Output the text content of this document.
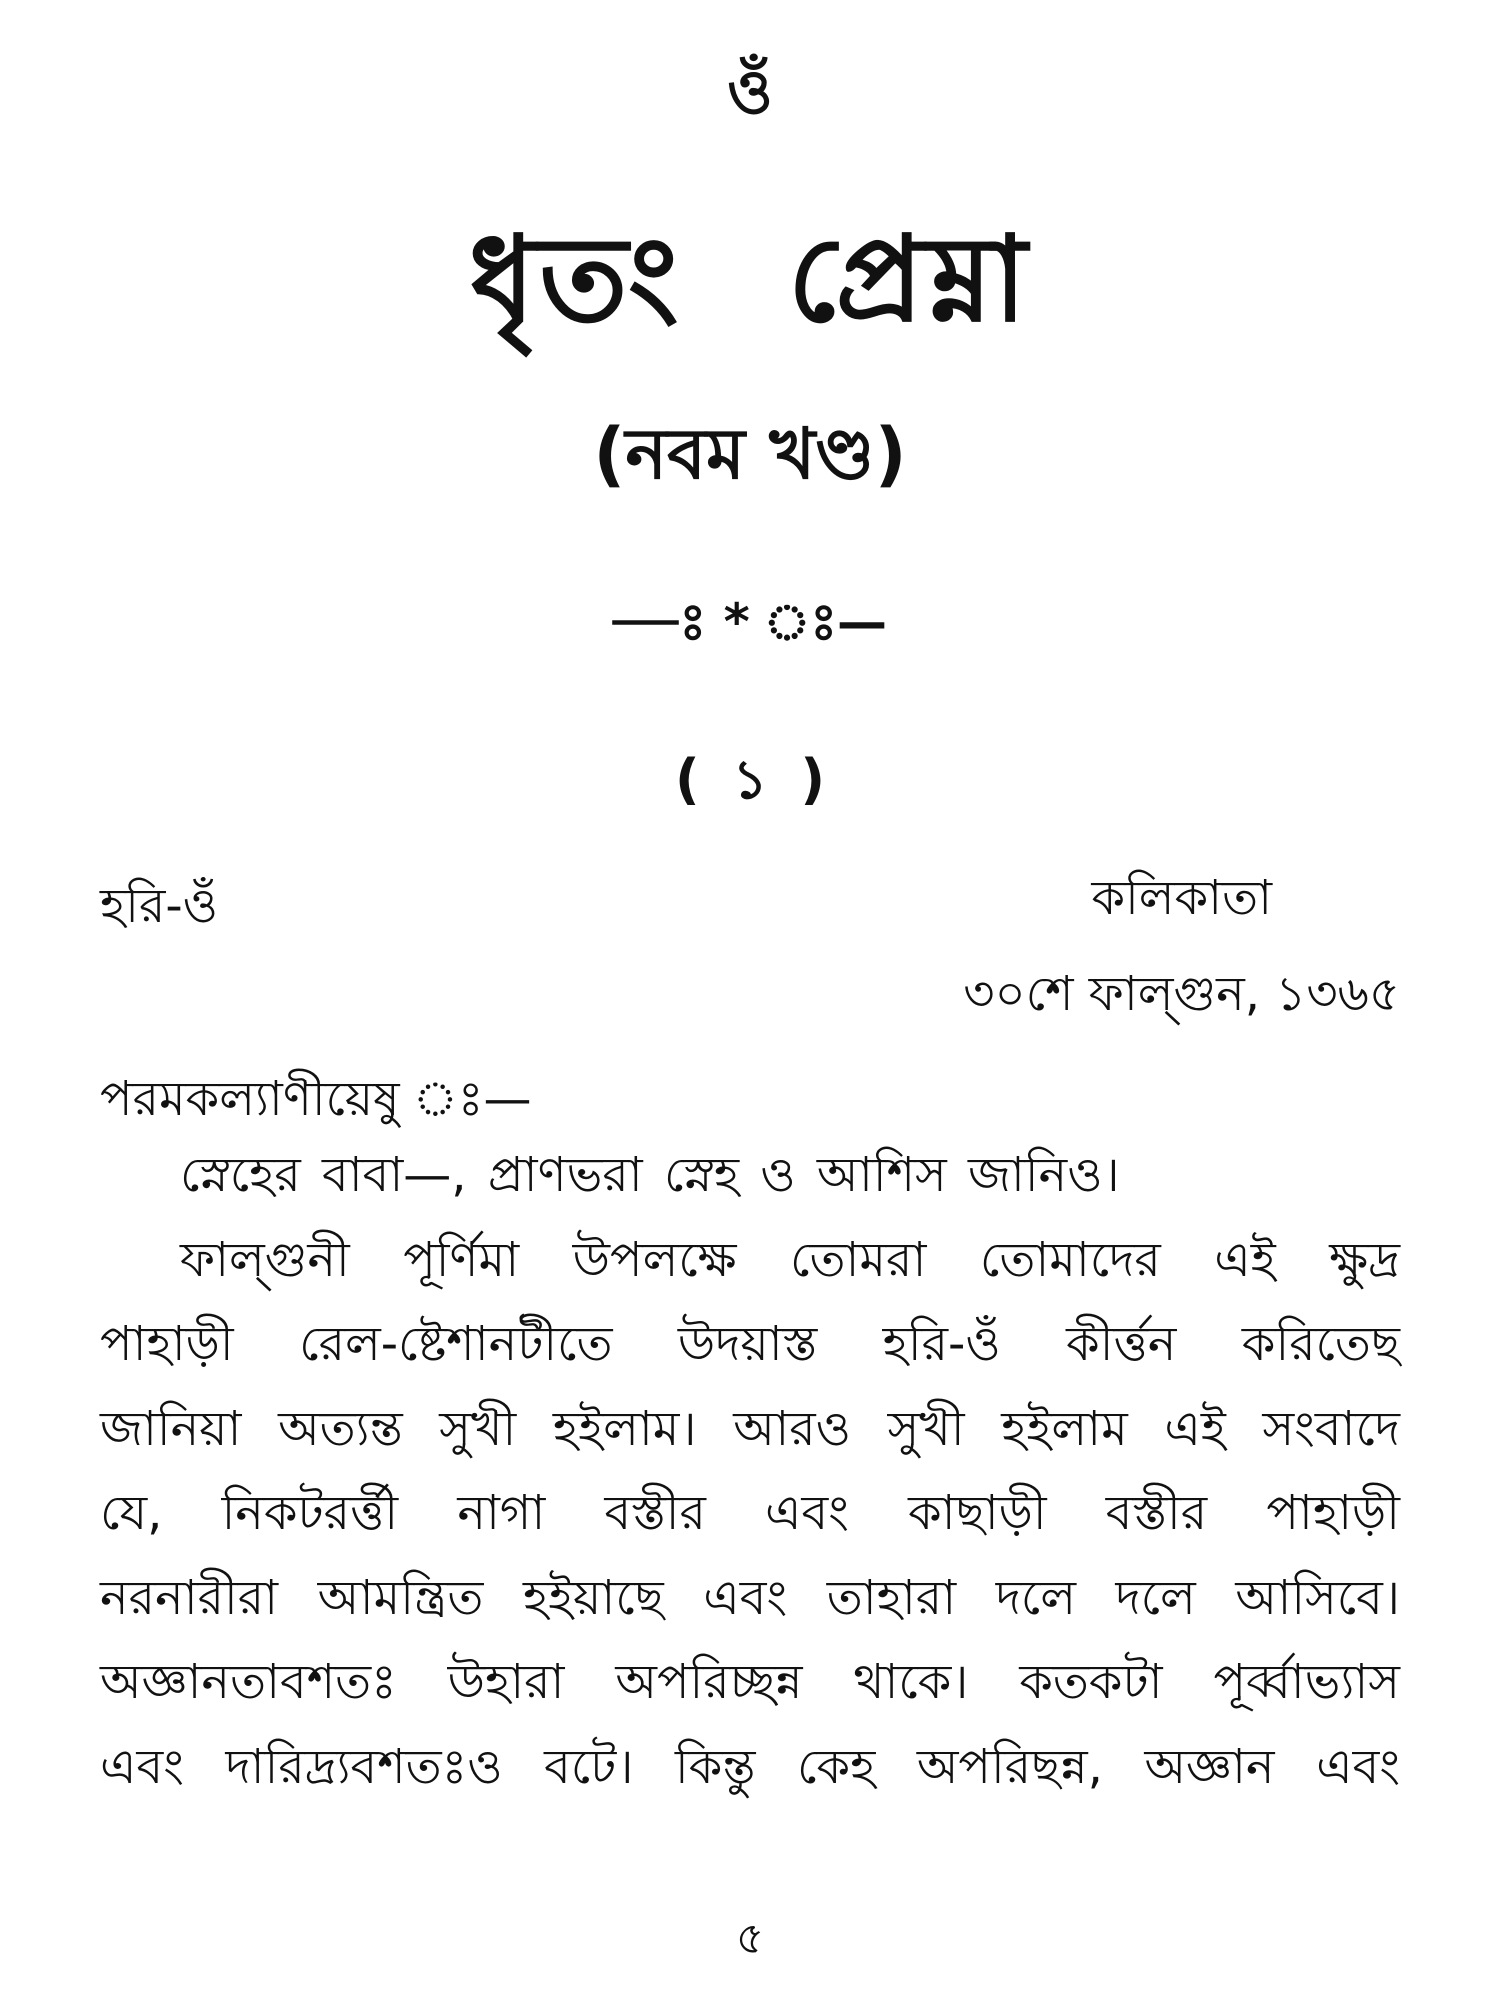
ওঁ
ধৃতং প্রেম্না
(নবম খণ্ড)
—ঃ * ঃ—
( ১ )
হরি-ওঁ	কলিকাতা
৩০শে ফাল্গুন, ১৩৬৫
পরমকল্যাণীয়েষু ঃ—

স্নেহের বাবা—, প্রাণভরা স্নেহ ও আশিস জানিও।

ফাল্গুনী পূর্ণিমা উপলক্ষে তোমরা তোমাদের এই ক্ষুদ্র

পাহাড়ী রেল-ষ্টেশানটীতে উদয়াস্ত হরি-ওঁ কীর্ত্তন করিতেছ

জানিয়া অত্যন্ত সুখী হইলাম। আরও সুখী হইলাম এই সংবাদে

যে, নিকটরর্ত্তী নাগা বস্তীর এবং কাছাড়ী বস্তীর পাহাড়ী

নরনারীরা আমন্ত্রিত হইয়াছে এবং তাহারা দলে দলে আসিবে।

অজ্ঞানতাবশতঃ উহারা অপরিচ্ছন্ন থাকে। কতকটা পূর্ব্বাভ্যাস

এবং দারিদ্র্যবশতঃও বটে। কিন্তু কেহ অপরিছন্ন, অজ্ঞান এবং

৫
